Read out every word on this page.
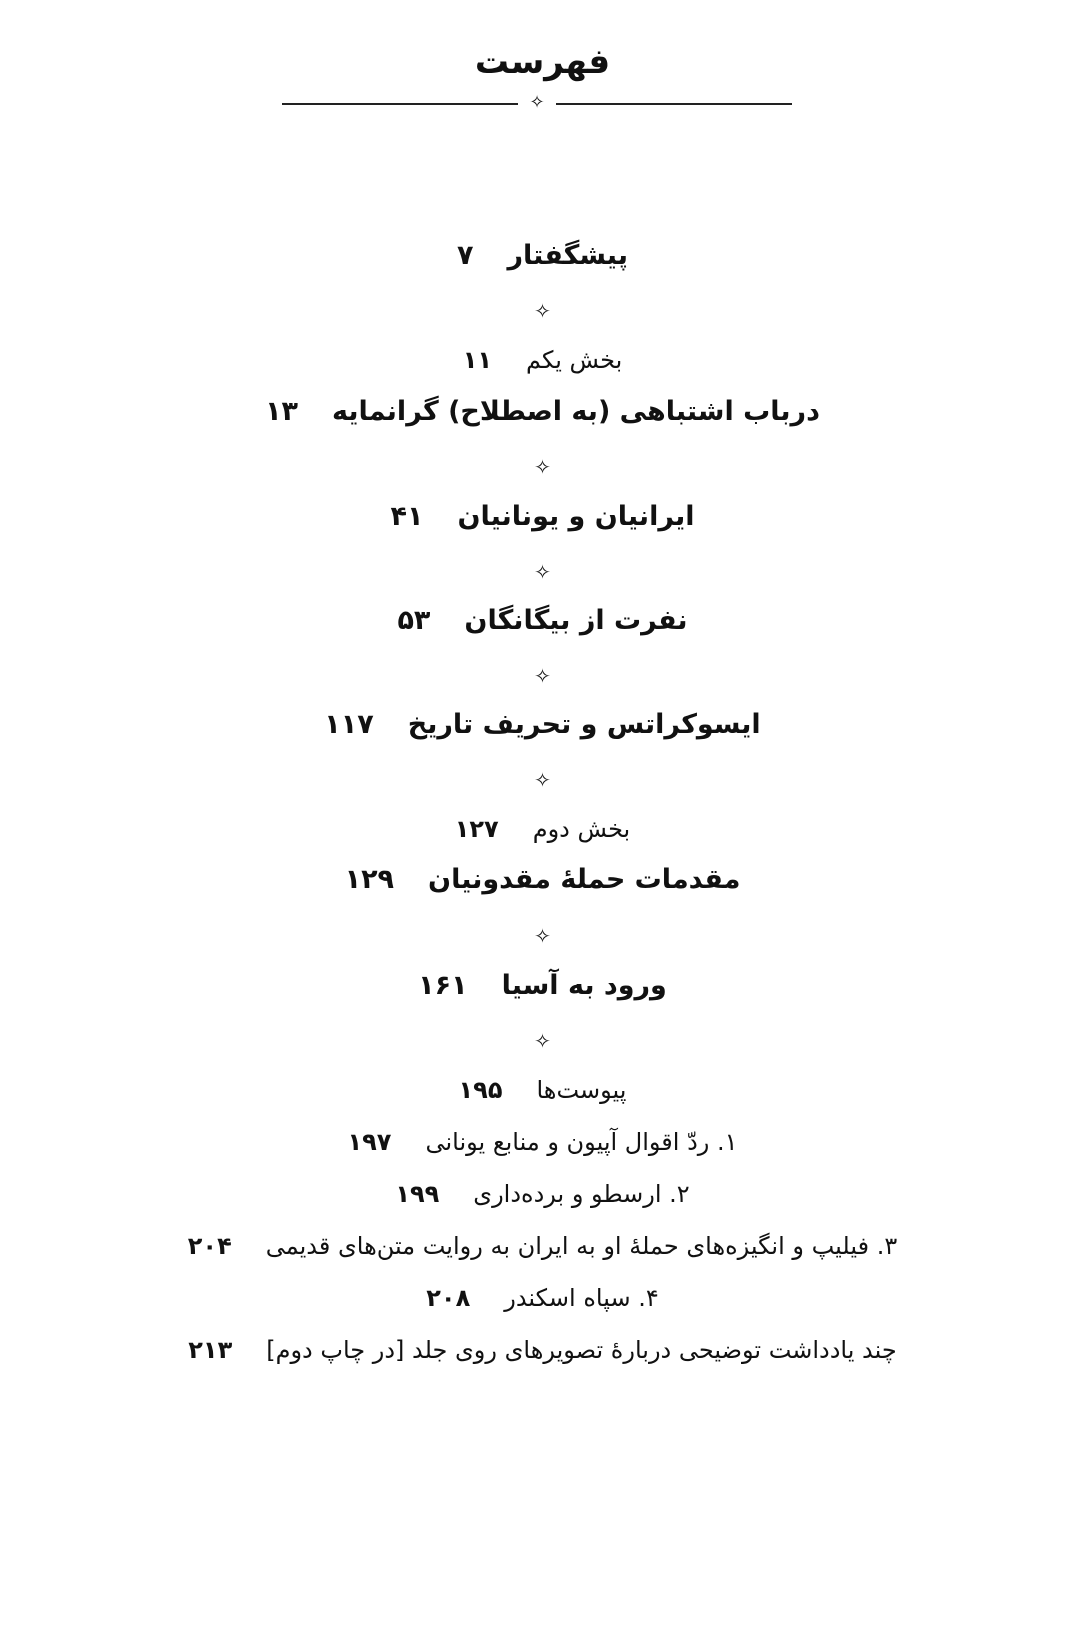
فهرست
✧
پیشگفتار۷
✧
بخش یکم۱۱
درباب اشتباهی (به اصطلاح) گرانمایه۱۳
✧
ایرانیان و یونانیان۴۱
✧
نفرت از بیگانگان۵۳
✧
ایسوکراتس و تحریف تاریخ۱۱۷
✧
بخش دوم۱۲۷
مقدمات حملهٔ مقدونیان۱۲۹
✧
ورود به آسیا۱۶۱
✧
پیوست‌ها۱۹۵
۱. ردّ اقوال آپیون و منابع یونانی۱۹۷
۲. ارسطو و برده‌داری۱۹۹
۳. فیلیپ و انگیزه‌های حملهٔ او به ایران به روایت متن‌های قدیمی۲۰۴
۴. سپاه اسکندر۲۰۸
چند یادداشت توضیحی دربارهٔ تصویرهای روی جلد [در چاپ دوم]۲۱۳
